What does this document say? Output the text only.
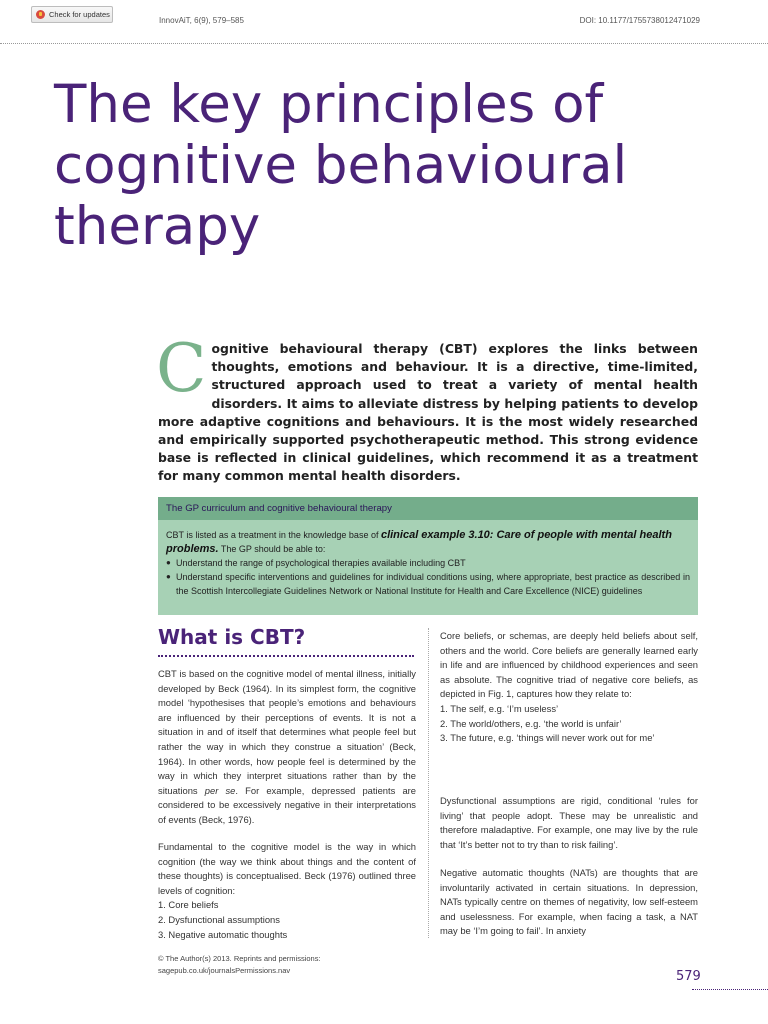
Check for updates
InnovAiT, 6(9), 579–585	DOI: 10.1177/1755738012471029
The key principles of
cognitive behavioural
therapy

Cognitive behavioural therapy (CBT) explores the links between thoughts, emotions and behaviour. It is a directive, time-limited, structured approach used to treat a variety of mental health disorders. It aims to alleviate distress by helping patients to develop more adaptive cognitions and behaviours. It is the most widely researched and empirically supported psychotherapeutic method. This strong evidence base is reflected in clinical guidelines, which recommend it as a treatment for many common mental health disorders.

The GP curriculum and cognitive behavioural therapy
CBT is listed as a treatment in the knowledge base of clinical example 3.10: Care of people with mental health problems. The GP should be able to:
● Understand the range of psychological therapies available including CBT
● Understand specific interventions and guidelines for individual conditions using, where appropriate, best practice as described in the Scottish Intercollegiate Guidelines Network or National Institute for Health and Care Excellence (NICE) guidelines
What is CBT?

CBT is based on the cognitive model of mental illness, initially developed by Beck (1964). In its simplest form, the cognitive model ‘hypothesises that people’s emotions and behaviours are influenced by their perceptions of events. It is not a situation in and of itself that determines what people feel but rather the way in which they construe a situation’ (Beck, 1964). In other words, how people feel is determined by the way in which they interpret situations rather than by the situations per se. For example, depressed patients are considered to be excessively negative in their interpretations of events (Beck, 1976).

Fundamental to the cognitive model is the way in which cognition (the way we think about things and the content of these thoughts) is conceptualised. Beck (1976) outlined three levels of cognition:

1. Core beliefs
2. Dysfunctional assumptions
3. Negative automatic thoughts

Core beliefs, or schemas, are deeply held beliefs about self, others and the world. Core beliefs are generally learned early in life and are influenced by childhood experiences and seen as absolute. The cognitive triad of negative core beliefs, as depicted in Fig. 1, captures how they relate to:

1. The self, e.g. ‘I’m useless’
2. The world/others, e.g. ‘the world is unfair’
3. The future, e.g. ‘things will never work out for me’

Dysfunctional assumptions are rigid, conditional ‘rules for living’ that people adopt. These may be unrealistic and therefore maladaptive. For example, one may live by the rule that ‘It’s better not to try than to risk failing’.

Negative automatic thoughts (NATs) are thoughts that are involuntarily activated in certain situations. In depression, NATs typically centre on themes of negativity, low self-esteem and uselessness. For example, when facing a task, a NAT may be ‘I’m going to fail’. In anxiety

© The Author(s) 2013. Reprints and permissions:
sagepub.co.uk/journalsPermissions.nav	579
